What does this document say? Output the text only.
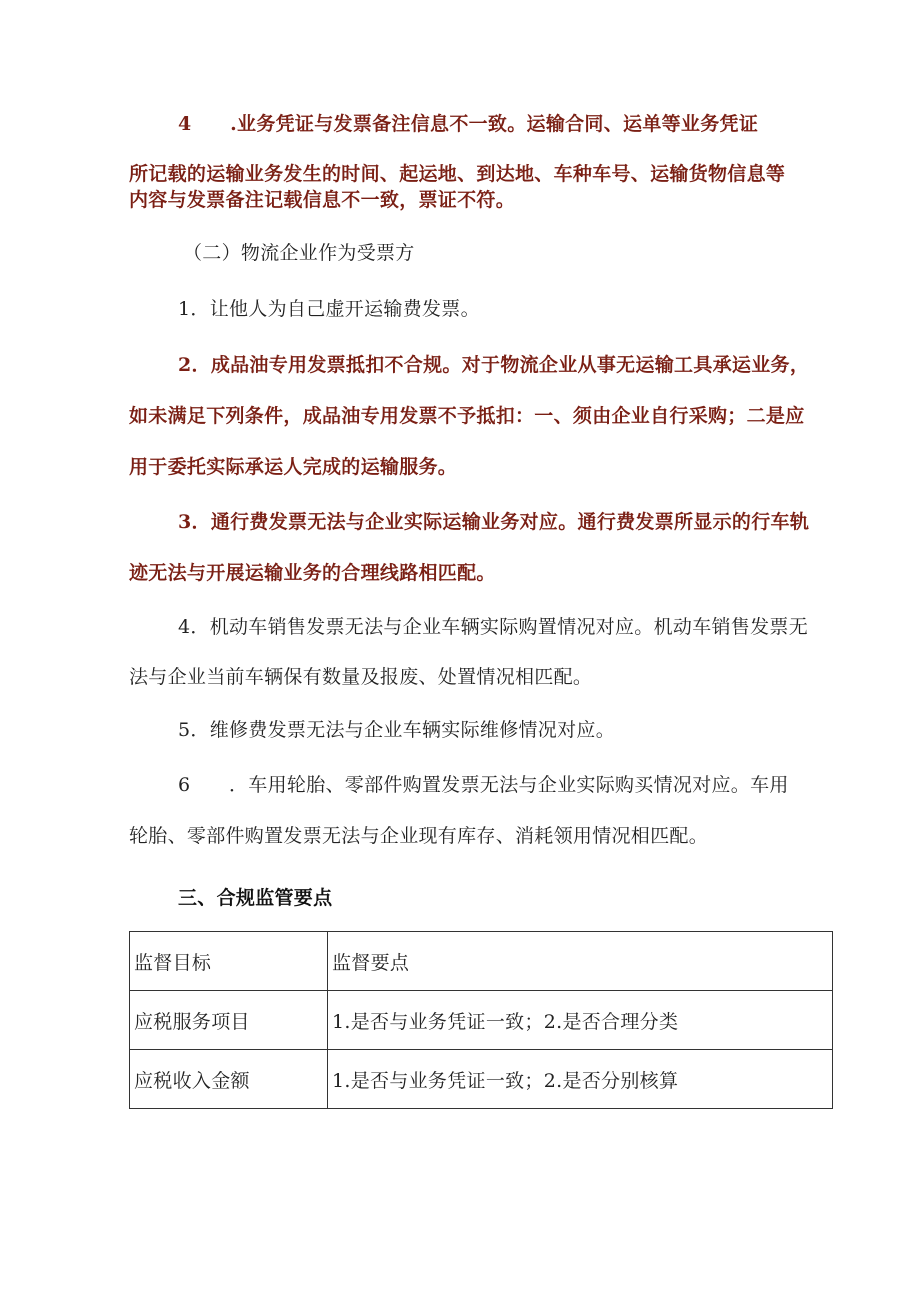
4　　.业务凭证与发票备注信息不一致。运输合同、运单等业务凭证
所记载的运输业务发生的时间、起运地、到达地、车种车号、运输货物信息等
内容与发票备注记载信息不一致，票证不符。
（二）物流企业作为受票方
1．让他人为自己虚开运输费发票。
2．成品油专用发票抵扣不合规。对于物流企业从事无运输工具承运业务，
如未满足下列条件，成品油专用发票不予抵扣：一、须由企业自行采购；二是应
用于委托实际承运人完成的运输服务。
3．通行费发票无法与企业实际运输业务对应。通行费发票所显示的行车轨
迹无法与开展运输业务的合理线路相匹配。
4．机动车销售发票无法与企业车辆实际购置情况对应。机动车销售发票无
法与企业当前车辆保有数量及报废、处置情况相匹配。
5．维修费发票无法与企业车辆实际维修情况对应。
6　　．车用轮胎、零部件购置发票无法与企业实际购买情况对应。车用
轮胎、零部件购置发票无法与企业现有库存、消耗领用情况相匹配。
三、合规监管要点
监督目标	监督要点
应税服务项目	1.是否与业务凭证一致；2.是否合理分类
应税收入金额	1.是否与业务凭证一致；2.是否分别核算
